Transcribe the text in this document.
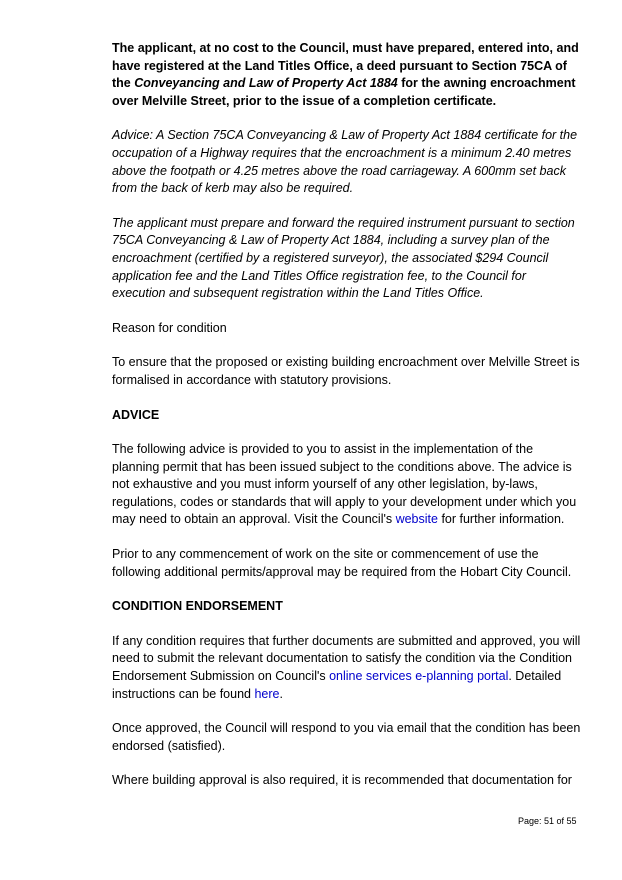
The applicant, at no cost to the Council, must have prepared, entered into, and have registered at the Land Titles Office, a deed pursuant to Section 75CA of the Conveyancing and Law of Property Act 1884 for the awning encroachment over Melville Street, prior to the issue of a completion certificate.

Advice: A Section 75CA Conveyancing & Law of Property Act 1884 certificate for the occupation of a Highway requires that the encroachment is a minimum 2.40 metres above the footpath or 4.25 metres above the road carriageway. A 600mm set back from the back of kerb may also be required.

The applicant must prepare and forward the required instrument pursuant to section 75CA Conveyancing & Law of Property Act 1884, including a survey plan of the encroachment (certified by a registered surveyor), the associated $294 Council application fee and the Land Titles Office registration fee, to the Council for execution and subsequent registration within the Land Titles Office.

Reason for condition

To ensure that the proposed or existing building encroachment over Melville Street is formalised in accordance with statutory provisions.

ADVICE

The following advice is provided to you to assist in the implementation of the planning permit that has been issued subject to the conditions above. The advice is not exhaustive and you must inform yourself of any other legislation, by-laws, regulations, codes or standards that will apply to your development under which you may need to obtain an approval. Visit the Council's website for further information.

Prior to any commencement of work on the site or commencement of use the following additional permits/approval may be required from the Hobart City Council.

CONDITION ENDORSEMENT

If any condition requires that further documents are submitted and approved, you will need to submit the relevant documentation to satisfy the condition via the Condition Endorsement Submission on Council's online services e-planning portal. Detailed instructions can be found here.

Once approved, the Council will respond to you via email that the condition has been endorsed (satisfied).

Where building approval is also required, it is recommended that documentation for

Page: 51 of 55
